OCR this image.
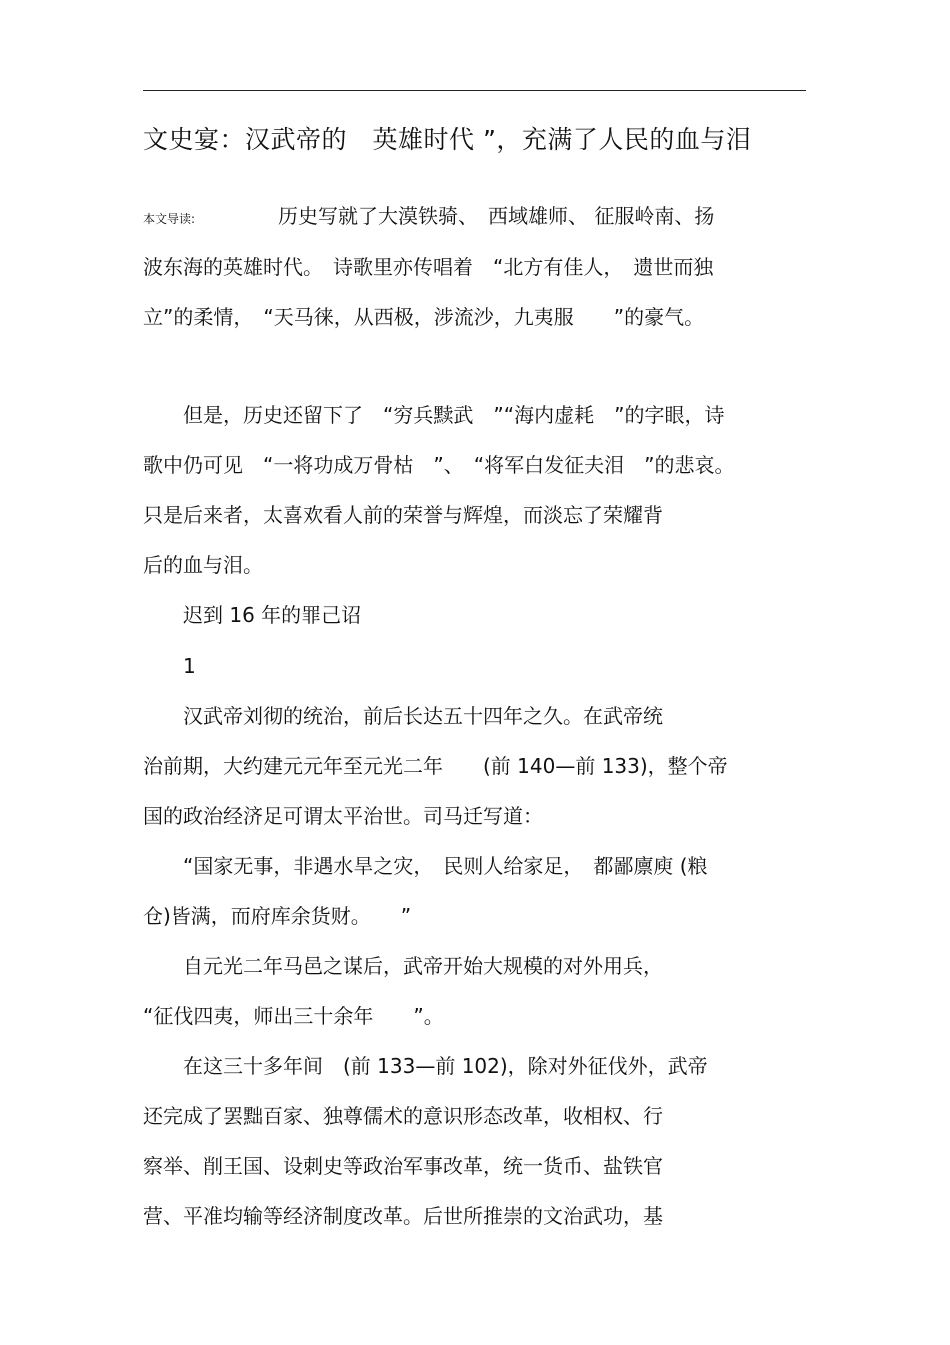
文史宴：汉武帝的　英雄时代 ”，充满了人民的血与泪
本文导读:	历史写就了大漠铁骑、　西域雄师、 征服岭南、扬
波东海的英雄时代。　诗歌里亦传唱着　“北方有佳人，　遗世而独
立”的柔情，　“天马徕，从西极，涉流沙，九夷服　　”的豪气。
　　但是，历史还留下了　“穷兵黩武　”“海内虚耗　”的字眼，诗
歌中仍可见　“一将功成万骨枯　”、　“将军白发征夫泪　”的悲哀。
只是后来者，太喜欢看人前的荣誉与辉煌，而淡忘了荣耀背
后的血与泪。
　　迟到 16 年的罪己诏
　　1
　　汉武帝刘彻的统治，前后长达五十四年之久。在武帝统
治前期，大约建元元年至元光二年　　(前 140—前 133)，整个帝
国的政治经济足可谓太平治世。司马迁写道：
　　“国家无事，非遇水旱之灾，　民则人给家足，　都鄙廪庾 (粮
仓)皆满，而府库余货财。　　”
　　自元光二年马邑之谋后，武帝开始大规模的对外用兵，
“征伐四夷，师出三十余年　　”。
　　在这三十多年间　(前 133—前 102)，除对外征伐外，武帝
还完成了罢黜百家、独尊儒术的意识形态改革，收相权、行
察举、削王国、设刺史等政治军事改革，统一货币、盐铁官
营、平准均输等经济制度改革。后世所推崇的文治武功，基
